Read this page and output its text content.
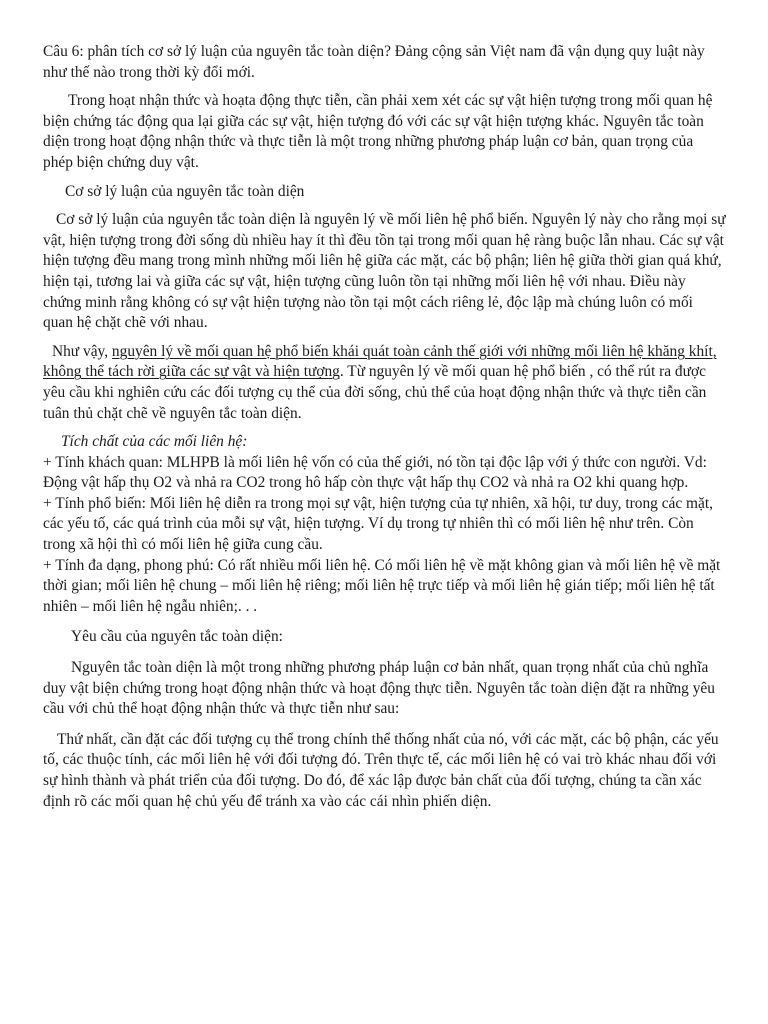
Câu 6: phân tích cơ sở lý luận của nguyên tắc toàn diện? Đảng cộng sản Việt nam đã vận dụng quy luật này như thế nào trong thời kỳ đổi mới.

Trong hoạt nhận thức và hoạta động thực tiễn, cần phải xem xét các sự vật hiện tượng trong mối quan hệ biện chứng tác động qua lại giữa các sự vật, hiện tượng đó với các sự vật hiện tượng khác. Nguyên tắc toàn diện trong hoạt động nhận thức và thực tiễn là một trong những phương pháp luận cơ bản, quan trọng của phép biện chứng duy vật.

Cơ sở lý luận của nguyên tắc toàn diện

Cơ sở lý luận của nguyên tắc toàn diện là nguyên lý về mối liên hệ phổ biến. Nguyên lý này cho rằng mọi sự vật, hiện tượng trong đời sống dù nhiều hay ít thì đều tồn tại trong mối quan hệ ràng buộc lẫn nhau. Các sự vật hiện tượng đều mang trong mình những mối liên hệ giữa các mặt, các bộ phận; liên hệ giữa thời gian quá khứ, hiện tại, tương lai và giữa các sự vật, hiện tượng cũng luôn tồn tại những mối liên hệ với nhau. Điều này chứng minh rằng không có sự vật hiện tượng nào tồn tại một cách riêng lẻ, độc lập mà chúng luôn có mối quan hệ chặt chẽ với nhau.

Như vậy, nguyên lý về mối quan hệ phổ biến khái quát toàn cảnh thế giới với những mối liên hệ khăng khít, không thể tách rời giữa các sự vật và hiện tượng. Từ nguyên lý về mối quan hệ phổ biến , có thể rút ra được yêu cầu khi nghiên cứu các đối tượng cụ thể của đời sống, chủ thể của hoạt động nhận thức và thực tiễn cần tuân thủ chặt chẽ về nguyên tắc toàn diện.

Tích chất của các mối liên hệ:

+ Tính khách quan: MLHPB là mối liên hệ vốn có của thế giới, nó tồn tại độc lập với ý thức con người. Vd: Động vật hấp thụ O2 và nhả ra CO2 trong hô hấp còn thực vật hấp thụ CO2 và nhả ra O2 khi quang hợp.

+ Tính phổ biến: Mối liên hệ diễn ra trong mọi sự vật, hiện tượng của tự nhiên, xã hội, tư duy, trong các mặt, các yếu tố, các quá trình của mỗi sự vật, hiện tượng. Ví dụ trong tự nhiên thì có mối liên hệ như trên. Còn trong xã hội thì có mối liên hệ giữa cung cầu.

+ Tính đa dạng, phong phú: Có rất nhiều mối liên hệ. Có mối liên hệ về mặt không gian và mối liên hệ về mặt thời gian; mối liên hệ chung – mối liên hệ riêng; mối liên hệ trực tiếp và mối liên hệ gián tiếp; mối liên hệ tất nhiên – mối liên hệ ngẫu nhiên;. . .

Yêu cầu của nguyên tắc toàn diện:

Nguyên tắc toàn diện là một trong những phương pháp luận cơ bản nhất, quan trọng nhất của chủ nghĩa duy vật biện chứng trong hoạt động nhận thức và hoạt động thực tiễn. Nguyên tắc toàn diện đặt ra những yêu cầu với chủ thể hoạt động nhận thức và thực tiễn như sau:

Thứ nhất, cần đặt các đối tượng cụ thể trong chính thể thống nhất của nó, với các mặt, các bộ phận, các yếu tố, các thuộc tính, các mối liên hệ với đối tượng đó. Trên thực tế, các mối liên hệ có vai trò khác nhau đối với sự hình thành và phát triển của đối tượng. Do đó, để xác lập được bản chất của đối tượng, chúng ta cần xác định rõ các mối quan hệ chủ yếu để tránh xa vào các cái nhìn phiến diện.
